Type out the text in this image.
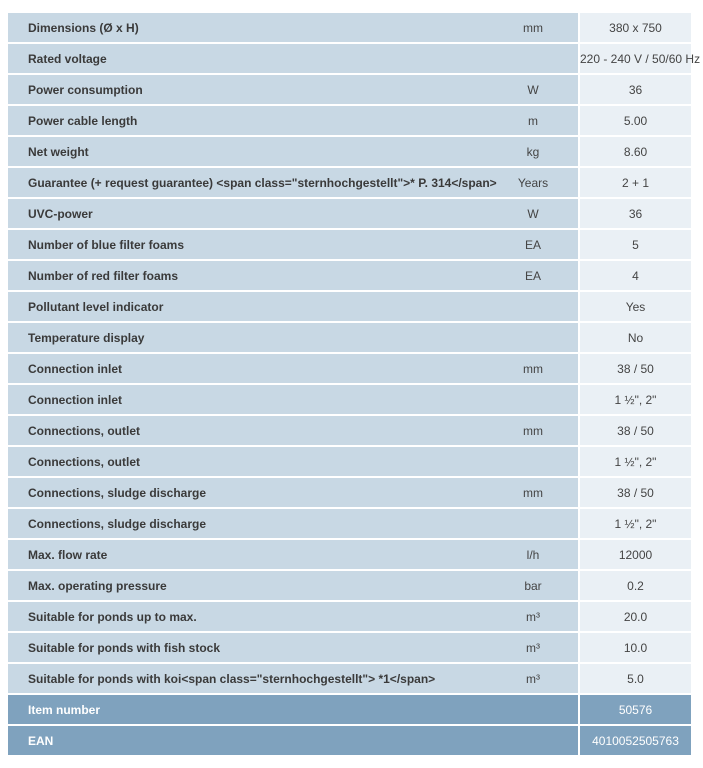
Dimensions (Ø x H)	mm	380 x 750
Rated voltage		220 - 240 V / 50/60 Hz
Power consumption	W	36
Power cable length	m	5.00
Net weight	kg	8.60
Guarantee (+ request guarantee) <span class="sternhochgestellt">* P. 314</span>	Years	2 + 1
UVC-power	W	36
Number of blue filter foams	EA	5
Number of red filter foams	EA	4
Pollutant level indicator		Yes
Temperature display		No
Connection inlet	mm	38 / 50
Connection inlet		1 ½", 2"
Connections, outlet	mm	38 / 50
Connections, outlet		1 ½", 2"
Connections, sludge discharge	mm	38 / 50
Connections, sludge discharge		1 ½", 2"
Max. flow rate	l/h	12000
Max. operating pressure	bar	0.2
Suitable for ponds up to max.	m³	20.0
Suitable for ponds with fish stock	m³	10.0
Suitable for ponds with koi<span class="sternhochgestellt"> *1</span>	m³	5.0
Item number		50576
EAN		4010052505763
